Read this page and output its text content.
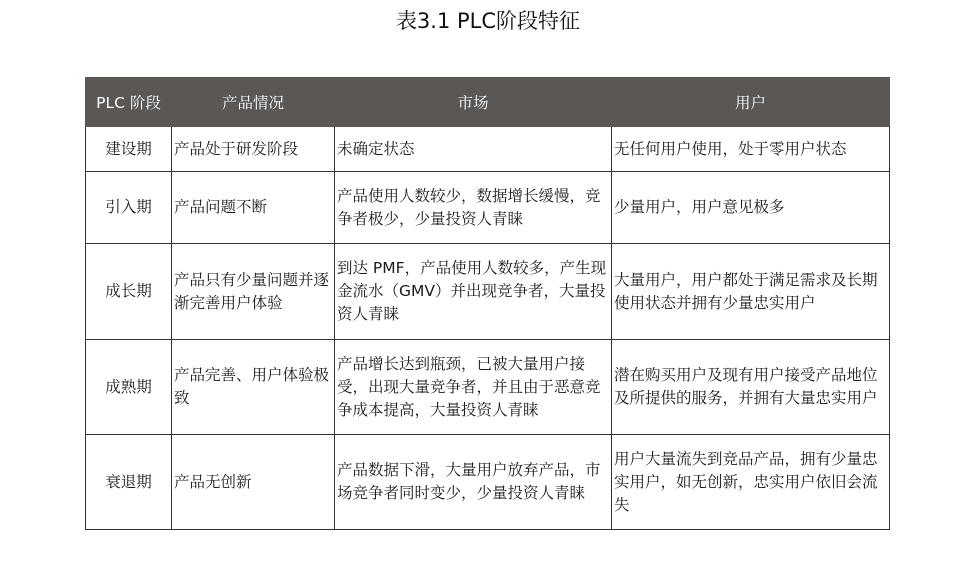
表3.1 PLC阶段特征
PLC 阶段	产品情况	市场	用户
建设期	产品处于研发阶段	未确定状态	无任何用户使用，处于零用户状态
引入期	产品问题不断	产品使用人数较少，数据增长缓慢，竞争者极少，少量投资人青睐	少量用户，用户意见极多
成长期	产品只有少量问题并逐渐完善用户体验	到达 PMF，产品使用人数较多，产生现金流水（GMV）并出现竞争者，大量投资人青睐	大量用户，用户都处于满足需求及长期使用状态并拥有少量忠实用户
成熟期	产品完善、用户体验极致	产品增长达到瓶颈，已被大量用户接受，出现大量竞争者，并且由于恶意竞争成本提高，大量投资人青睐	潜在购买用户及现有用户接受产品地位及所提供的服务，并拥有大量忠实用户
衰退期	产品无创新	产品数据下滑，大量用户放弃产品，市场竞争者同时变少，少量投资人青睐	用户大量流失到竞品产品，拥有少量忠实用户，如无创新，忠实用户依旧会流失
